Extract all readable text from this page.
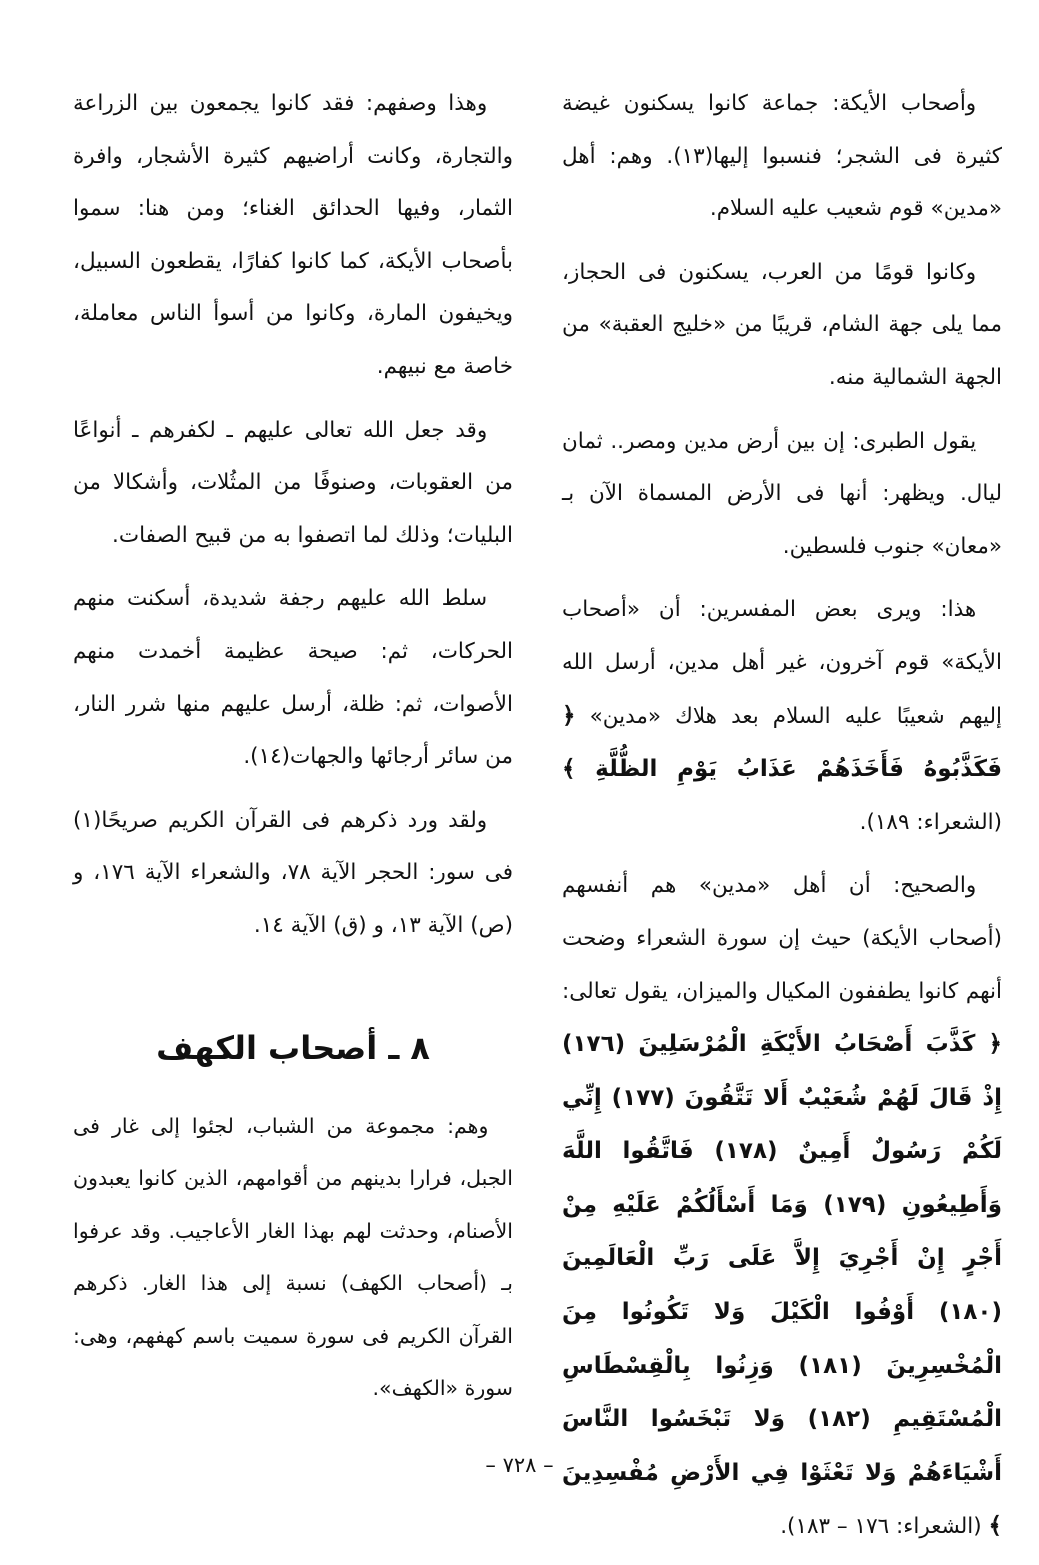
وأصحاب الأيكة: جماعة كانوا يسكنون غيضة كثيرة فى الشجر؛ فنسبوا إليها(١٣). وهم: أهل «مدين» قوم شعيب عليه السلام.

وكانوا قومًا من العرب، يسكنون فى الحجاز، مما يلى جهة الشام، قريبًا من «خليج العقبة» من الجهة الشمالية منه.

يقول الطبرى: إن بين أرض مدين ومصر.. ثمان ليال. ويظهر: أنها فى الأرض المسماة الآن بـ «معان» جنوب فلسطين.

هذا: ويرى بعض المفسرين: أن «أصحاب الأيكة» قوم آخرون، غير أهل مدين، أرسل الله إليهم شعيبًا عليه السلام بعد هلاك «مدين» ﴿ فَكَذَّبُوهُ فَأَخَذَهُمْ عَذَابُ يَوْمِ الظُّلَّةِ ﴾ (الشعراء: ١٨٩).

والصحيح: أن أهل «مدين» هم أنفسهم (أصحاب الأيكة) حيث إن سورة الشعراء وضحت أنهم كانوا يطففون المكيال والميزان، يقول تعالى: ﴿ كَذَّبَ أَصْحَابُ الأَيْكَةِ الْمُرْسَلِينَ (١٧٦) إِذْ قَالَ لَهُمْ شُعَيْبٌ أَلا تَتَّقُونَ (١٧٧) إِنِّي لَكُمْ رَسُولٌ أَمِينٌ (١٧٨) فَاتَّقُوا اللَّهَ وَأَطِيعُونِ (١٧٩) وَمَا أَسْأَلُكُمْ عَلَيْهِ مِنْ أَجْرٍ إِنْ أَجْرِيَ إِلاَّ عَلَى رَبِّ الْعَالَمِينَ (١٨٠) أَوْفُوا الْكَيْلَ وَلا تَكُونُوا مِنَ الْمُخْسِرِينَ (١٨١) وَزِنُوا بِالْقِسْطَاسِ الْمُسْتَقِيمِ (١٨٢) وَلا تَبْخَسُوا النَّاسَ أَشْيَاءَهُمْ وَلا تَعْثَوْا فِي الأَرْضِ مُفْسِدِينَ ﴾ (الشعراء: ١٧٦ – ١٨٣).

وهذا وصفهم: فقد كانوا يجمعون بين الزراعة والتجارة، وكانت أراضيهم كثيرة الأشجار، وافرة الثمار، وفيها الحدائق الغناء؛ ومن هنا: سموا بأصحاب الأيكة، كما كانوا كفارًا، يقطعون السبيل، ويخيفون المارة، وكانوا من أسوأ الناس معاملة، خاصة مع نبيهم.

وقد جعل الله تعالى عليهم ـ لكفرهم ـ أنواعًا من العقوبات، وصنوفًا من المثُلات، وأشكالا من البليات؛ وذلك لما اتصفوا به من قبيح الصفات.

سلط الله عليهم رجفة شديدة، أسكنت منهم الحركات، ثم: صيحة عظيمة أخمدت منهم الأصوات، ثم: ظلة، أرسل عليهم منها شرر النار، من سائر أرجائها والجهات(١٤).

ولقد ورد ذكرهم فى القرآن الكريم صريحًا(١) فى سور: الحجر الآية ٧٨، والشعراء الآية ١٧٦، و (ص) الآية ١٣، و (ق) الآية ١٤.

٨ ـ أصحاب الكهف

وهم: مجموعة من الشباب، لجئوا إلى غار فى الجبل، فرارا بدينهم من أقوامهم، الذين كانوا يعبدون الأصنام، وحدثت لهم بهذا الغار الأعاجيب. وقد عرفوا بـ (أصحاب الكهف) نسبة إلى هذا الغار. ذكرهم القرآن الكريم فى سورة سميت باسم كهفهم، وهى: سورة «الكهف».

– ٧٢٨ –
